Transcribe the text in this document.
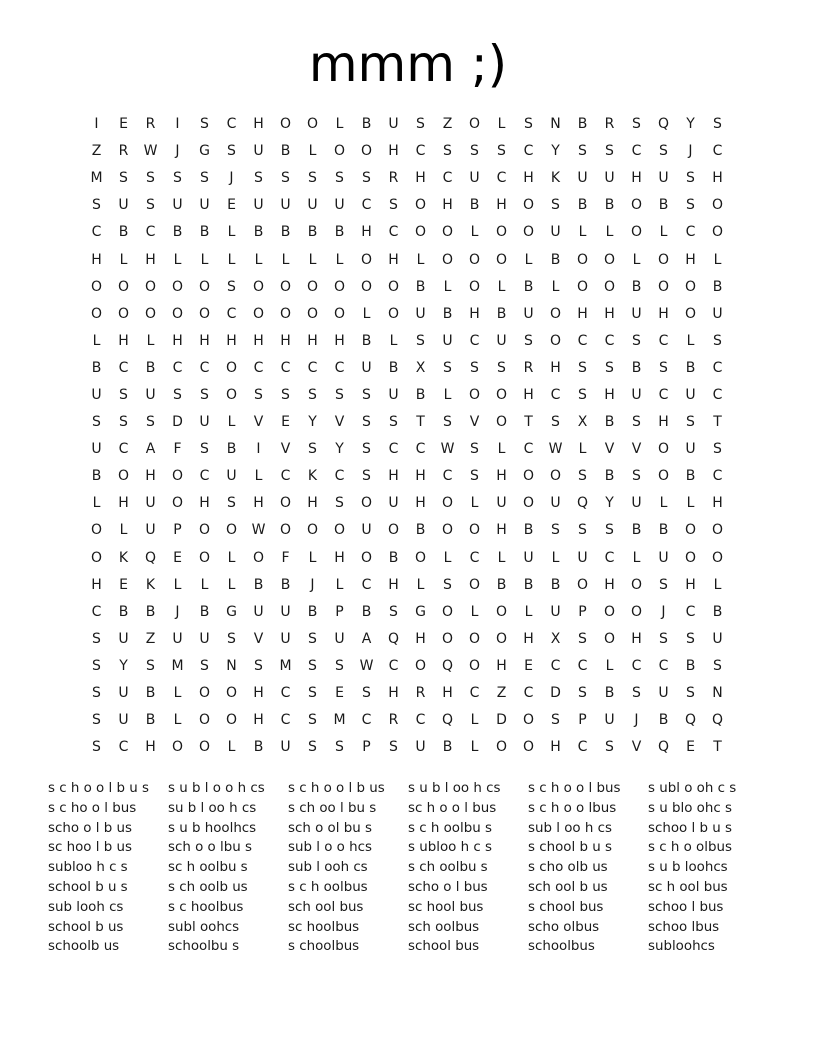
mmm ;)
I	E	R	I	S	C	H	O	O	L	B	U	S	Z	O	L	S	N	B	R	S	Q	Y	S
Z	R	W	J	G	S	U	B	L	O	O	H	C	S	S	S	C	Y	S	S	C	S	J	C
M	S	S	S	S	J	S	S	S	S	S	R	H	C	U	C	H	K	U	U	H	U	S	H
S	U	S	U	U	E	U	U	U	U	C	S	O	H	B	H	O	S	B	B	O	B	S	O
C	B	C	B	B	L	B	B	B	B	H	C	O	O	L	O	O	U	L	L	O	L	C	O
H	L	H	L	L	L	L	L	L	L	O	H	L	O	O	O	L	B	O	O	L	O	H	L
O	O	O	O	O	S	O	O	O	O	O	O	B	L	O	L	B	L	O	O	B	O	O	B
O	O	O	O	O	C	O	O	O	O	L	O	U	B	H	B	U	O	H	H	U	H	O	U
L	H	L	H	H	H	H	H	H	H	B	L	S	U	C	U	S	O	C	C	S	C	L	S
B	C	B	C	C	O	C	C	C	C	U	B	X	S	S	S	R	H	S	S	B	S	B	C
U	S	U	S	S	O	S	S	S	S	S	U	B	L	O	O	H	C	S	H	U	C	U	C
S	S	S	D	U	L	V	E	Y	V	S	S	T	S	V	O	T	S	X	B	S	H	S	T
U	C	A	F	S	B	I	V	S	Y	S	C	C	W	S	L	C	W	L	V	V	O	U	S
B	O	H	O	C	U	L	C	K	C	S	H	H	C	S	H	O	O	S	B	S	O	B	C
L	H	U	O	H	S	H	O	H	S	O	U	H	O	L	U	O	U	Q	Y	U	L	L	H
O	L	U	P	O	O	W	O	O	O	U	O	B	O	O	H	B	S	S	S	B	B	O	O
O	K	Q	E	O	L	O	F	L	H	O	B	O	L	C	L	U	L	U	C	L	U	O	O
H	E	K	L	L	L	B	B	J	L	C	H	L	S	O	B	B	B	O	H	O	S	H	L
C	B	B	J	B	G	U	U	B	P	B	S	G	O	L	O	L	U	P	O	O	J	C	B
S	U	Z	U	U	S	V	U	S	U	A	Q	H	O	O	O	H	X	S	O	H	S	S	U
S	Y	S	M	S	N	S	M	S	S	W	C	O	Q	O	H	E	C	C	L	C	C	B	S
S	U	B	L	O	O	H	C	S	E	S	H	R	H	C	Z	C	D	S	B	S	U	S	N
S	U	B	L	O	O	H	C	S	M	C	R	C	Q	L	D	O	S	P	U	J	B	Q	Q
S	C	H	O	O	L	B	U	S	S	P	S	U	B	L	O	O	H	C	S	V	Q	E	T
s c h o o l b u s
s c ho o l bus
scho o l b us
sc hoo l b us
subloo h c s
school b u s
sub looh cs
school b us
schoolb us
s u b l o o h cs
su b l oo h cs
s u b hoolhcs
sch o o lbu s
sc h oolbu s
s ch oolb us
s c hoolbus
subl oohcs
schoolbu s
s c h o o l b us
s ch oo l bu s
sch o ol bu s
sub l o o hcs
sub l ooh cs
s c h oolbus
sch ool bus
sc hoolbus
s choolbus
s u b l oo h cs
sc h o o l bus
s c h oolbu s
s ubloo h c s
s ch oolbu s
scho o l bus
sc hool bus
sch oolbus
school bus
s c h o o l bus
s c h o o lbus
sub l oo h cs
s chool b u s
s cho olb us
sch ool b us
s chool bus
scho olbus
schoolbus
s ubl o oh c s
s u blo ohc s
schoo l b u s
s c h o olbus
s u b loohcs
sc h ool bus
schoo l bus
schoo lbus
subloohcs
